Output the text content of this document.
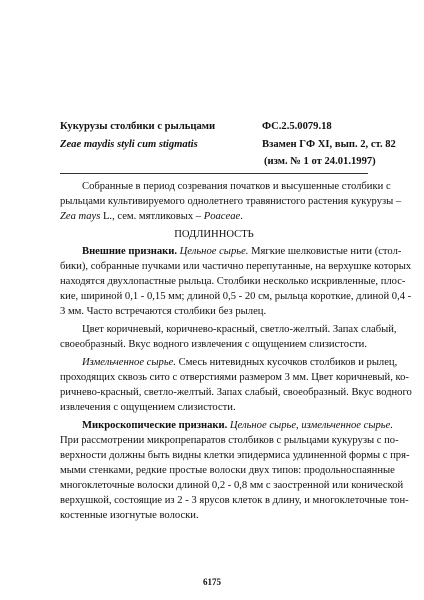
Кукурузы столбики с рыльцами
Zeae maydis styli cum stigmatis
ФС.2.5.0079.18
Взамен ГФ XI, вып. 2, ст. 82
(изм. № 1 от 24.01.1997)
Собранные в период созревания початков и высушенные столбики с
рыльцами культивируемого однолетнего травянистого растения кукурузы –
Zea mays L., сем. мятликовых – Poaceae.
ПОДЛИННОСТЬ
Внешние признаки. Цельное сырье. Мягкие шелковистые нити (стол-
бики), собранные пучками или частично перепутанные, на верхушке которых
находятся двухлопастные рыльца. Столбики несколько искривленные, плос-
кие, шириной 0,1 - 0,15 мм; длиной 0,5 - 20 см, рыльца короткие, длиной 0,4 -
3 мм. Часто встречаются столбики без рылец.
Цвет коричневый, коричнево-красный, светло-желтый. Запах слабый,
своеобразный. Вкус водного извлечения с ощущением слизистости.
Измельченное сырье. Смесь нитевидных кусочков столбиков и рылец,
проходящих сквозь сито с отверстиями размером 3 мм. Цвет коричневый, ко-
ричнево-красный, светло-желтый. Запах слабый, своеобразный. Вкус водного
извлечения с ощущением слизистости.
Микроскопические признаки. Цельное сырье, измельченное сырье.
При рассмотрении микропрепаратов столбиков с рыльцами кукурузы с по-
верхности должны быть видны клетки эпидермиса удлиненной формы с пря-
мыми стенками, редкие простые волоски двух типов: продольноспаянные
многоклеточные волоски длиной 0,2 - 0,8 мм с заостренной или конической
верхушкой, состоящие из 2 - 3 ярусов клеток в длину, и многоклеточные тон-
костенные изогнутые волоски.
6175
